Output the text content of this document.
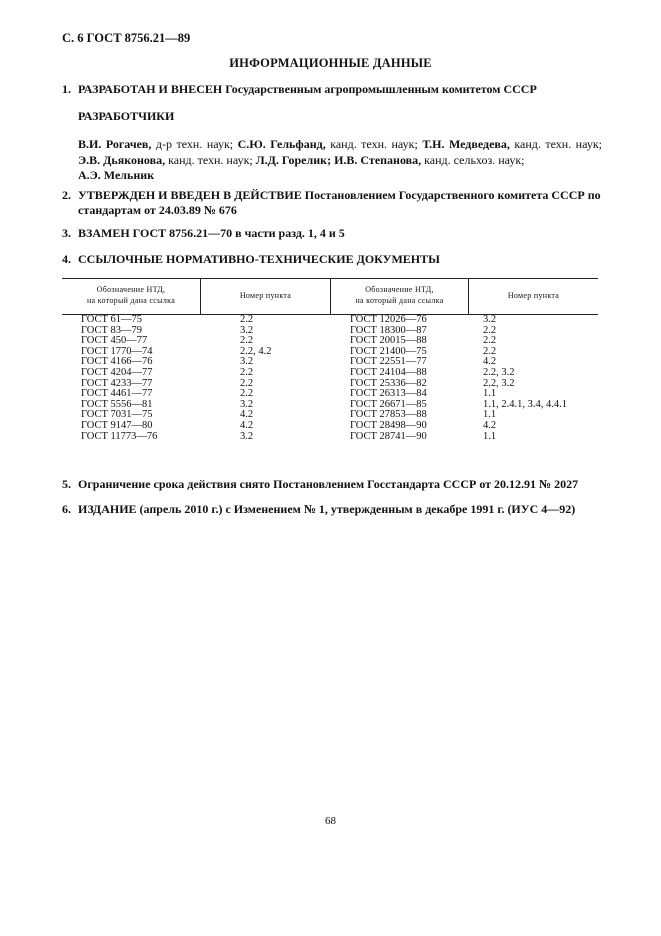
С. 6 ГОСТ 8756.21—89
ИНФОРМАЦИОННЫЕ ДАННЫЕ
1. РАЗРАБОТАН И ВНЕСЕН Государственным агропромышленным комитетом СССР
РАЗРАБОТЧИКИ
В.И. Рогачев, д-р техн. наук; С.Ю. Гельфанд, канд. техн. наук; Т.Н. Медведева, канд. техн. наук; Э.В. Дьяконова, канд. техн. наук; Л.Д. Горелик; И.В. Степанова, канд. сельхоз. наук;
А.Э. Мельник
2. УТВЕРЖДЕН И ВВЕДЕН В ДЕЙСТВИЕ Постановлением Государственного комитета СССР по стандартам от 24.03.89 № 676
3. ВЗАМЕН ГОСТ 8756.21—70 в части разд. 1, 4 и 5
4. ССЫЛОЧНЫЕ НОРМАТИВНО-ТЕХНИЧЕСКИЕ ДОКУМЕНТЫ
Обозначение НТД,
на который дана ссылка
Номер пункта
Обозначение НТД,
на который дана ссылка
Номер пункта
ГОСТ 61—75
ГОСТ 83—79
ГОСТ 450—77
ГОСТ 1770—74
ГОСТ 4166—76
ГОСТ 4204—77
ГОСТ 4233—77
ГОСТ 4461—77
ГОСТ 5556—81
ГОСТ 7031—75
ГОСТ 9147—80
ГОСТ 11773—76
2.2
3.2
2.2
2.2, 4.2
3.2
2.2
2.2
2.2
3.2
4.2
4.2
3.2
ГОСТ 12026—76
ГОСТ 18300—87
ГОСТ 20015—88
ГОСТ 21400—75
ГОСТ 22551—77
ГОСТ 24104—88
ГОСТ 25336—82
ГОСТ 26313—84
ГОСТ 26671—85
ГОСТ 27853—88
ГОСТ 28498—90
ГОСТ 28741—90
3.2
2.2
2.2
2.2
4.2
2.2, 3.2
2.2, 3.2
1.1
1.1, 2.4.1, 3.4, 4.4.1
1.1
4.2
1.1
5. Ограничение срока действия снято Постановлением Госстандарта СССР от 20.12.91 № 2027
6. ИЗДАНИЕ (апрель 2010 г.) с Изменением № 1, утвержденным в декабре 1991 г. (ИУС 4—92)
68
